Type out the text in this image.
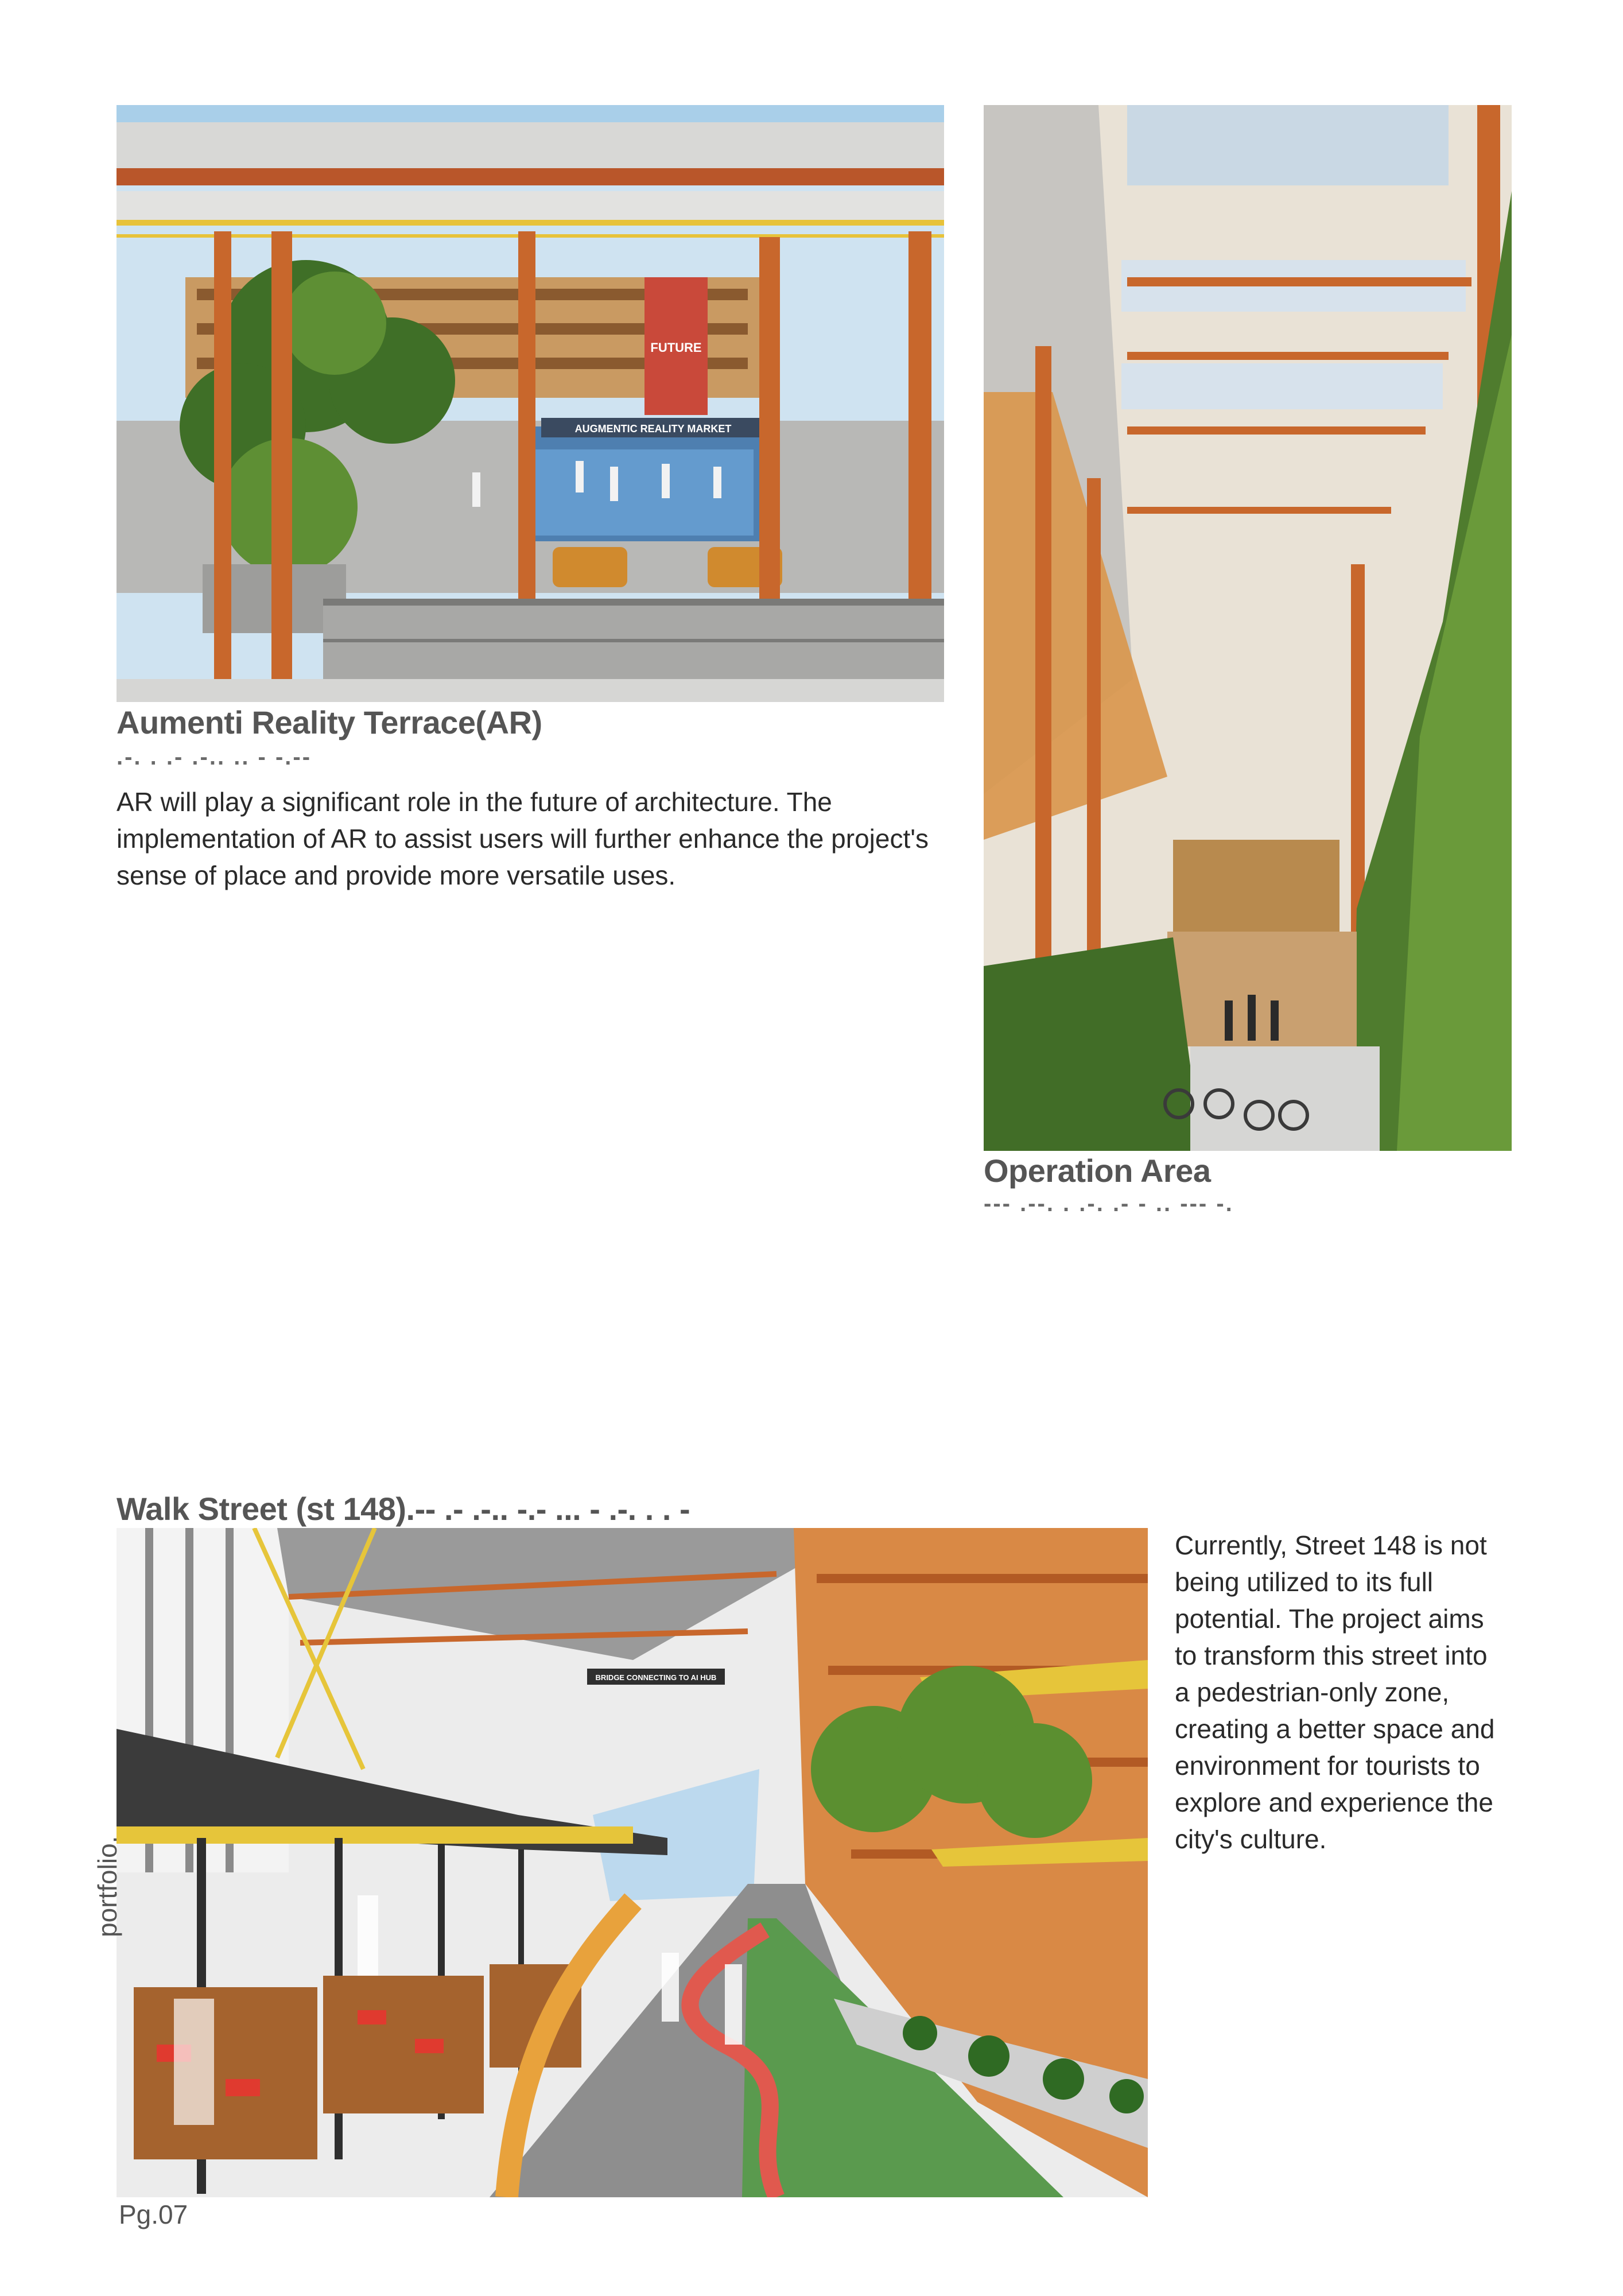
FUTURE
AUGMENTIC REALITY MARKET
Aumenti Reality Terrace(AR)
.-. . .- .-.. .. - -.--
AR will play a significant role in the future of architecture. The implementation of AR to assist users will further enhance the project's sense of place and provide more versatile uses.
Operation Area
--- .--. . .-. .- - .. --- -.
Walk Street (st 148).-- .- .-.. -.- ... - .-. . . -
BRIDGE CONNECTING TO AI HUB
Currently, Street 148 is not being utilized to its full potential. The project aims to transform this street into a pedestrian-only zone, creating a better space and environment for tourists to explore and experience the city's culture.
portfolio.
Pg.07
